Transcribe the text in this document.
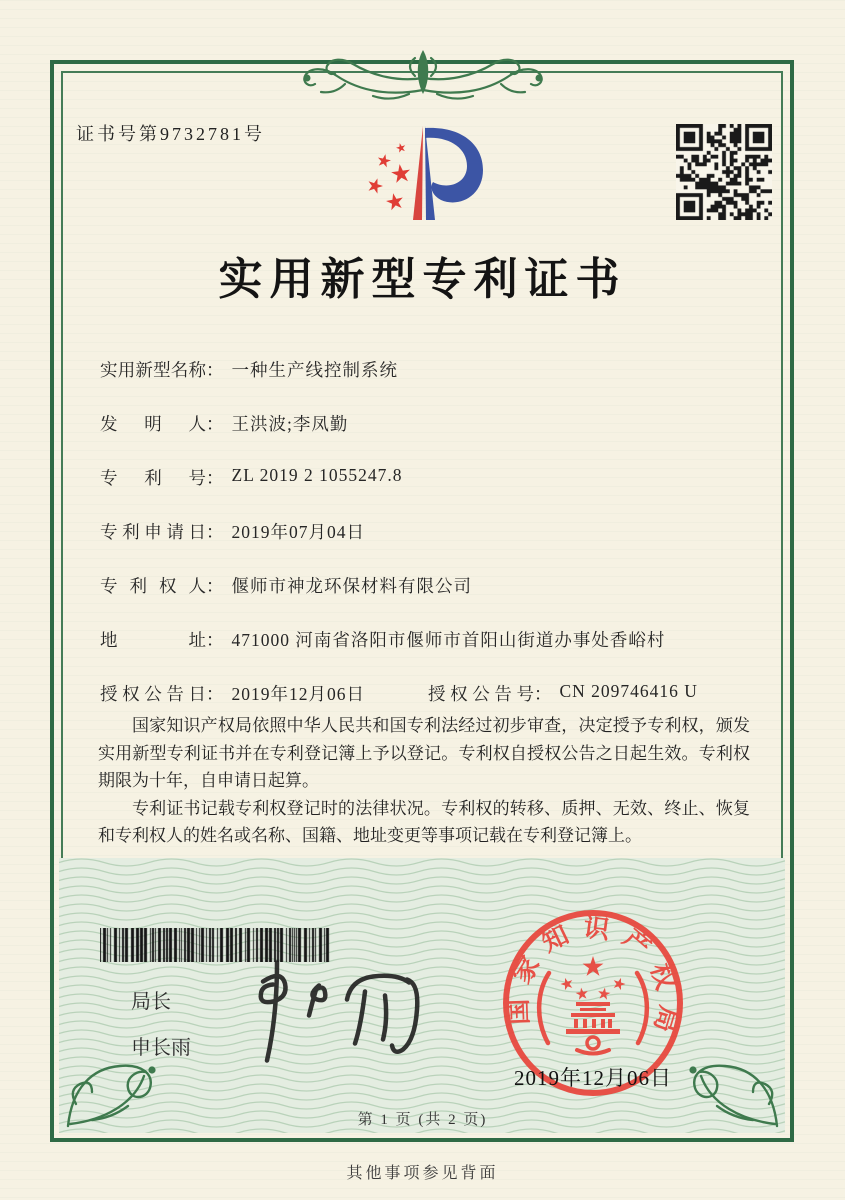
证书号第9732781号
实用新型专利证书
实用新型名称 ： 一种生产线控制系统
发明人 ： 王洪波;李凤勤
专利号 ： ZL 2019 2 1055247.8
专利申请日 ： 2019年07月04日
专利权人 ： 偃师市神龙环保材料有限公司
地址 ： 471000 河南省洛阳市偃师市首阳山街道办事处香峪村
授权公告日 ： 2019年12月06日	授权公告号 ： CN 209746416 U

国家知识产权局依照中华人民共和国专利法经过初步审查，决定授予专利权，颁发实用新型专利证书并在专利登记簿上予以登记。专利权自授权公告之日起生效。专利权期限为十年，自申请日起算。

专利证书记载专利权登记时的法律状况。专利权的转移、质押、无效、终止、恢复和专利权人的姓名或名称、国籍、地址变更等事项记载在专利登记簿上。

局长
申长雨
国家知识产权局
2019年12月06日
第 1 页 (共 2 页)
其他事项参见背面
